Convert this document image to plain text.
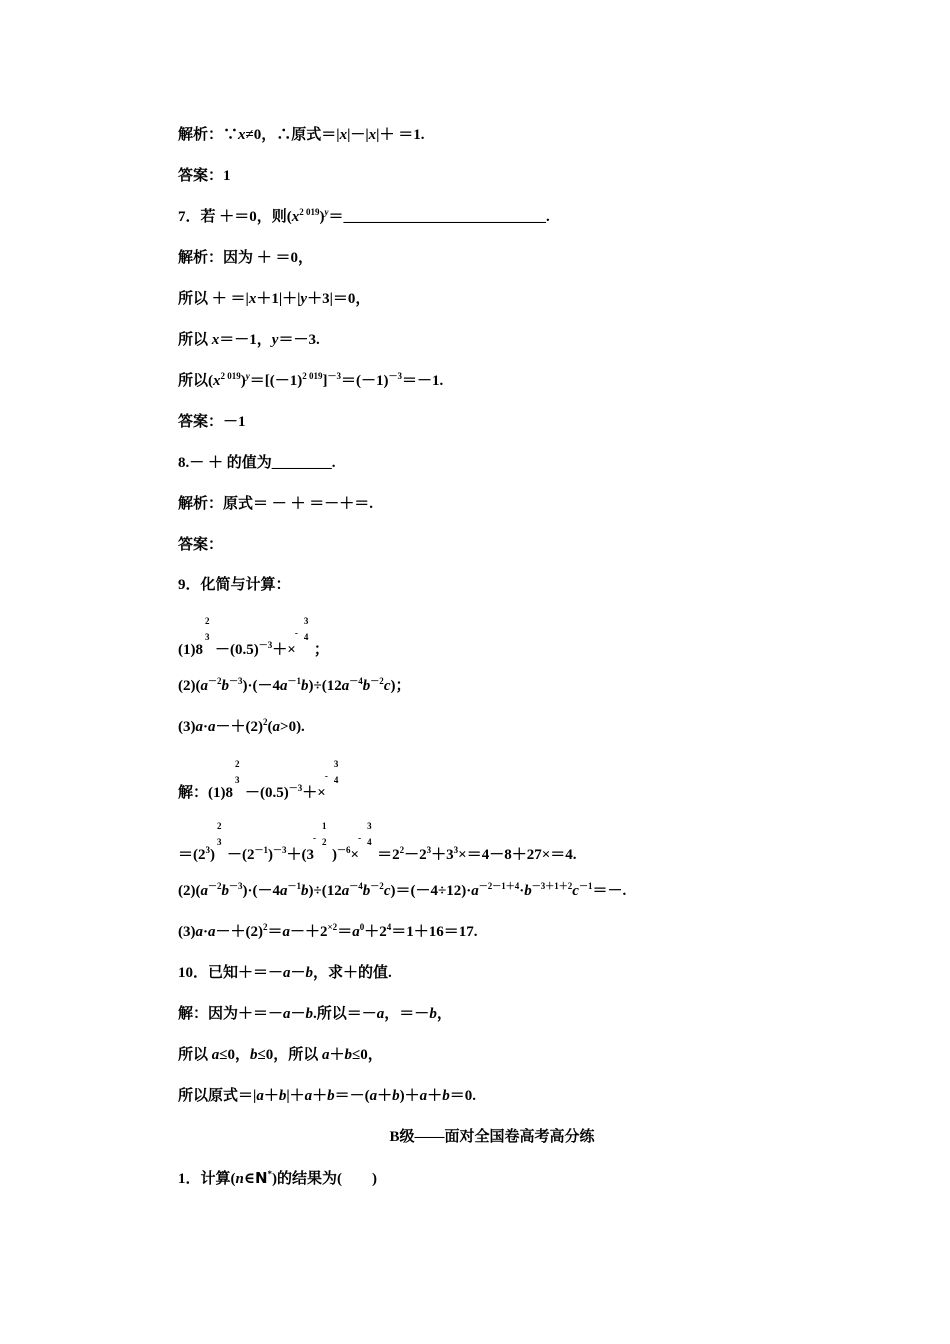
解析：∵x≠0，∴原式＝|x|－|x|＋ ＝1.
答案：1
7．若 ＋＝0，则$(x^{2 019})^y=\_\_\_\_\_\_\_\_\_\_\_\_\_\_\_\_\_\_\_\_\_\_\_\_\_\_\_$.
解析：因为 ＋ ＝0，
所以 ＋ ＝|x＋1|＋|y＋3|＝0，
所以 x＝－1，y＝－3.
所以$(x^{2 019})^y=[(-1)^{2 019}]^{-3}=(-1)^{-3}=-1$.
答案：－1
8.－ ＋ 的值为________.
解析：原式＝ － ＋ ＝－＋＝.
答案：
9．化简与计算：
(1)8
2
3
$-(0.5)^{-3}+\times$
-
3
4
；
$(2)(a^{-2}b^{-3})\cdot(-4a^{-1}b)\div(12a^{-4}b^{-2}c)$；
$(3)a\cdot a-+(2)^2(a>0)$.
解：(1)8
2
3
$-(0.5)^{-3}+\times$
-
3
4
$=(2^3)$
2
3
$-(2^{-1})^{-3}+(3$
-
1
2
)$^{-6}$×
-
3
4
$=2^2-2^3+3^3\times=4-8+27\times=4$.
$(2)(a^{-2}b^{-3})\cdot(-4a^{-1}b)\div(12a^{-4}b^{-2}c)=(-4\div 12)\cdot a^{-2-1+4}\cdot b^{-3+1+2}c^{-1}=-$.
$(3)a\cdot a-+(2)^2=a-+2^{\times 2}=a^0+2^4=1+16=17$.
10．已知＋＝－a－b，求＋的值.
解：因为＋＝－a－b.所以＝－a，＝－b，
所以 a≤0，b≤0，所以 a＋b≤0，
所以原式＝|a＋b|＋a＋b＝－(a＋b)＋a＋b＝0.
B级——面对全国卷高考高分练
1．计算(n∈N*)的结果为(　　)
